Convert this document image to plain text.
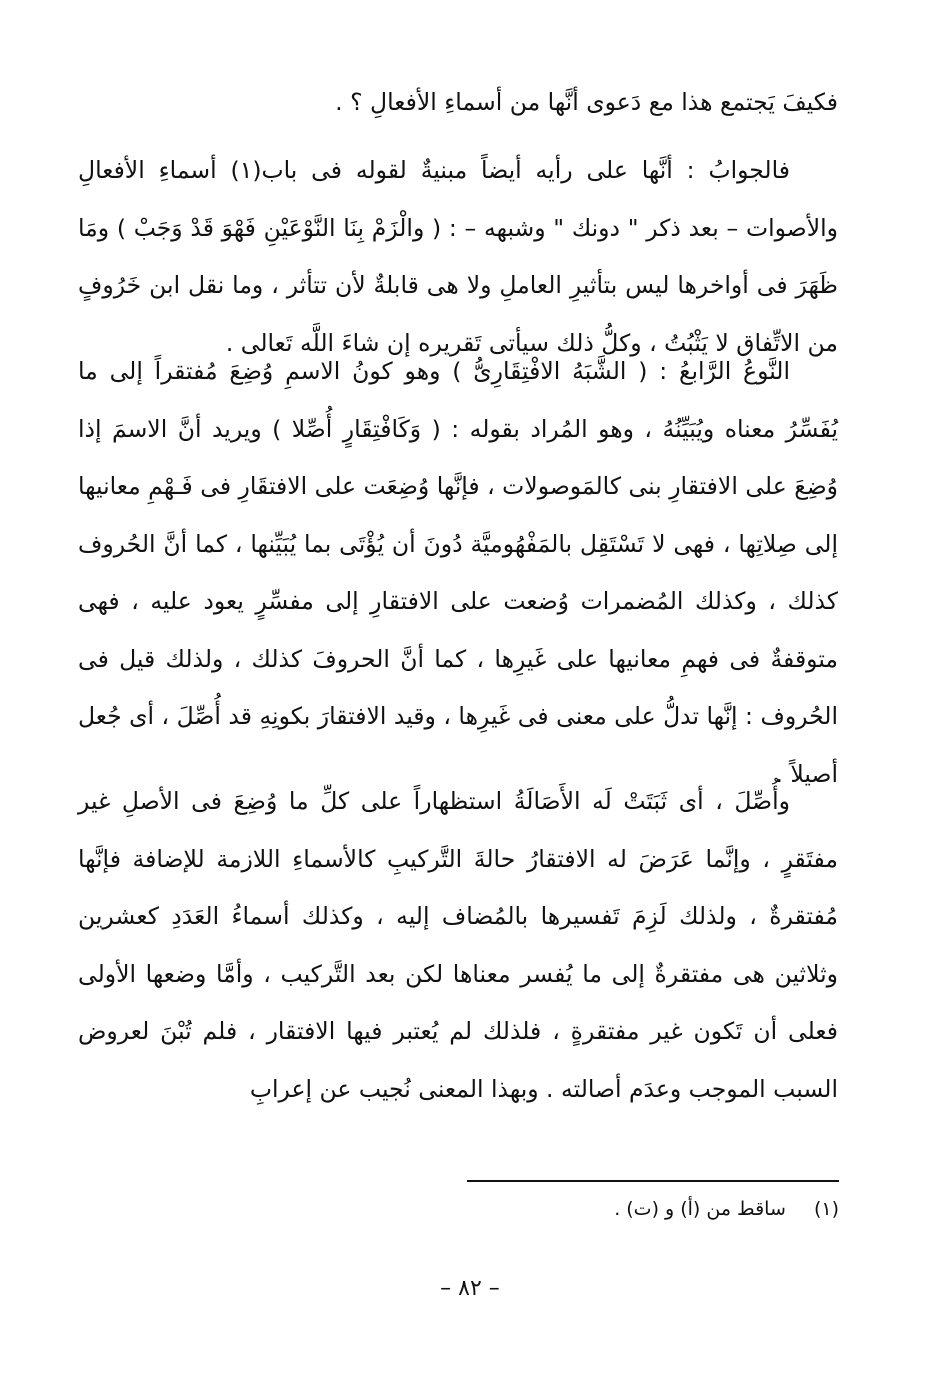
فكيفَ يَجتمع هذا مع دَعوى أنَّها من أسماءِ الأفعالِ ؟ .

فالجوابُ : أنَّها على رأيه أيضاً مبنيةٌ لقوله فى باب(١) أسماءِ الأفعالِ والأصوات – بعد ذكر " دونك " وشبهه – : ( والْزَمْ بِنَا النَّوْعَيْنِ فَهْوَ قَدْ وَجَبْ ) ومَا ظَهَرَ فى أواخرها ليس بتأثيرِ العاملِ ولا هى قابلةٌ لأن تتأثر ، وما نقل ابن خَرُوفٍ من الاتِّفاق لا يَثْبُتُ ، وكلُّ ذلك سيأتى تَقريره إن شاءَ اللَّه تَعالى .

النَّوعُ الرَّابعُ : ( الشَّبَهُ الافْتِقَارِىُّ ) وهو كونُ الاسمِ وُضِعَ مُفتقراً إلى ما يُفَسِّرُ معناه ويُبَيِّنُهُ ، وهو المُراد بقوله : ( وَكَافْتِقَارٍ أُصِّلا ) ويريد أنَّ الاسمَ إذا وُضِعَ على الافتقارِ بنى كالمَوصولات ، فإنَّها وُضِعَت على الافتقَارِ فى فَـهْمِ معانيها إلى صِلاتِها ، فهى لا تَسْتَقِل بالمَفْهُوميَّة دُونَ أن يُؤْتَى بما يُبَيِّنها ، كما أنَّ الحُروف كذلك ، وكذلك المُضمرات وُضعت على الافتقارِ إلى مفسِّرٍ يعود عليه ، فهى متوقفةٌ فى فهمِ معانيها على غَيرِها ، كما أنَّ الحروفَ كذلك ، ولذلك قيل فى الحُروف : إنَّها تدلُّ على معنى فى غَيرِها ، وقيد الافتقارَ بكونِهِ قد أُصِّلَ ، أى جُعل أصيلاً .

وأُصِّلَ ، أى ثَبَتَتْ لَه الأَصَالَةُ استظهاراً على كلِّ ما وُضِعَ فى الأصلِ غير مفتَقرٍ ، وإنَّما عَرَضَ له الافتقارُ حالةَ التَّركيبِ كالأسماءِ اللازمة للإضافة فإنَّها مُفتقرةٌ ، ولذلك لَزِمَ تَفسيرها بالمُضاف إليه ، وكذلك أسماءُ العَدَدِ كعشرين وثلاثين هى مفتقرةٌ إلى ما يُفسر معناها لكن بعد التَّركيب ، وأمَّا وضعها الأولى فعلى أن تَكون غير مفتقرةٍ ، فلذلك لم يُعتبر فيها الافتقار ، فلم تُبْنَ لعروض السبب الموجب وعدَم أصالته . وبهذا المعنى نُجيب عن إعرابِ

(١) ساقط من (أ) و (ت) .
– ٨٢ –
